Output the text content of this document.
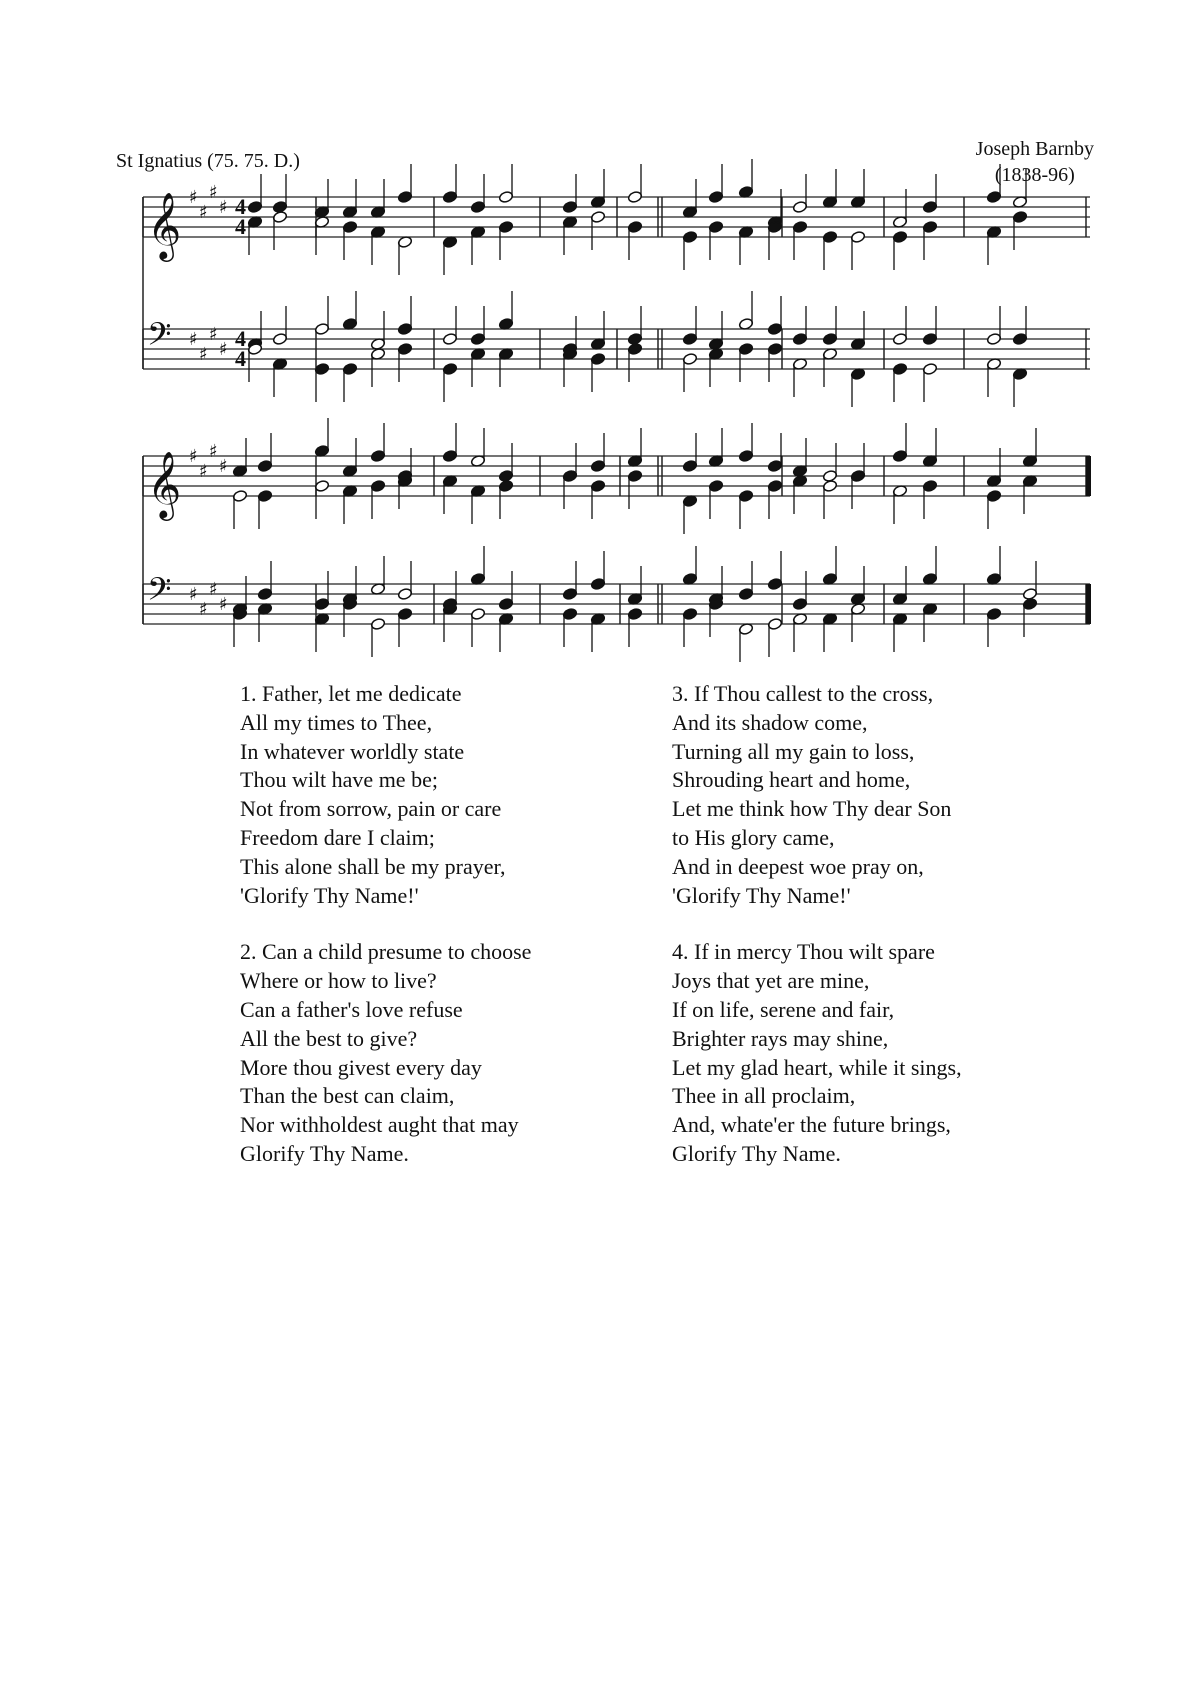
St Ignatius (75. 75. D.)
Joseph Barnby
(1838-96)
𝄞 ♯
♯
♯
♯ 4
4
𝄢 ♯
♯
♯
♯ 4
4
𝄞 ♯
♯
♯
♯
𝄢 ♯
♯
♯
♯
1. Father, let me dedicate
All my times to Thee,
In whatever worldly state
Thou wilt have me be;
Not from sorrow, pain or care
Freedom dare I claim;
This alone shall be my prayer,
'Glorify Thy Name!'
2. Can a child presume to choose
Where or how to live?
Can a father's love refuse
All the best to give?
More thou givest every day
Than the best can claim,
Nor withholdest aught that may
Glorify Thy Name.
3. If Thou callest to the cross,
And its shadow come,
Turning all my gain to loss,
Shrouding heart and home,
Let me think how Thy dear Son
to His glory came,
And in deepest woe pray on,
'Glorify Thy Name!'
4. If in mercy Thou wilt spare
Joys that yet are mine,
If on life, serene and fair,
Brighter rays may shine,
Let my glad heart, while it sings,
Thee in all proclaim,
And, whate'er the future brings,
Glorify Thy Name.
